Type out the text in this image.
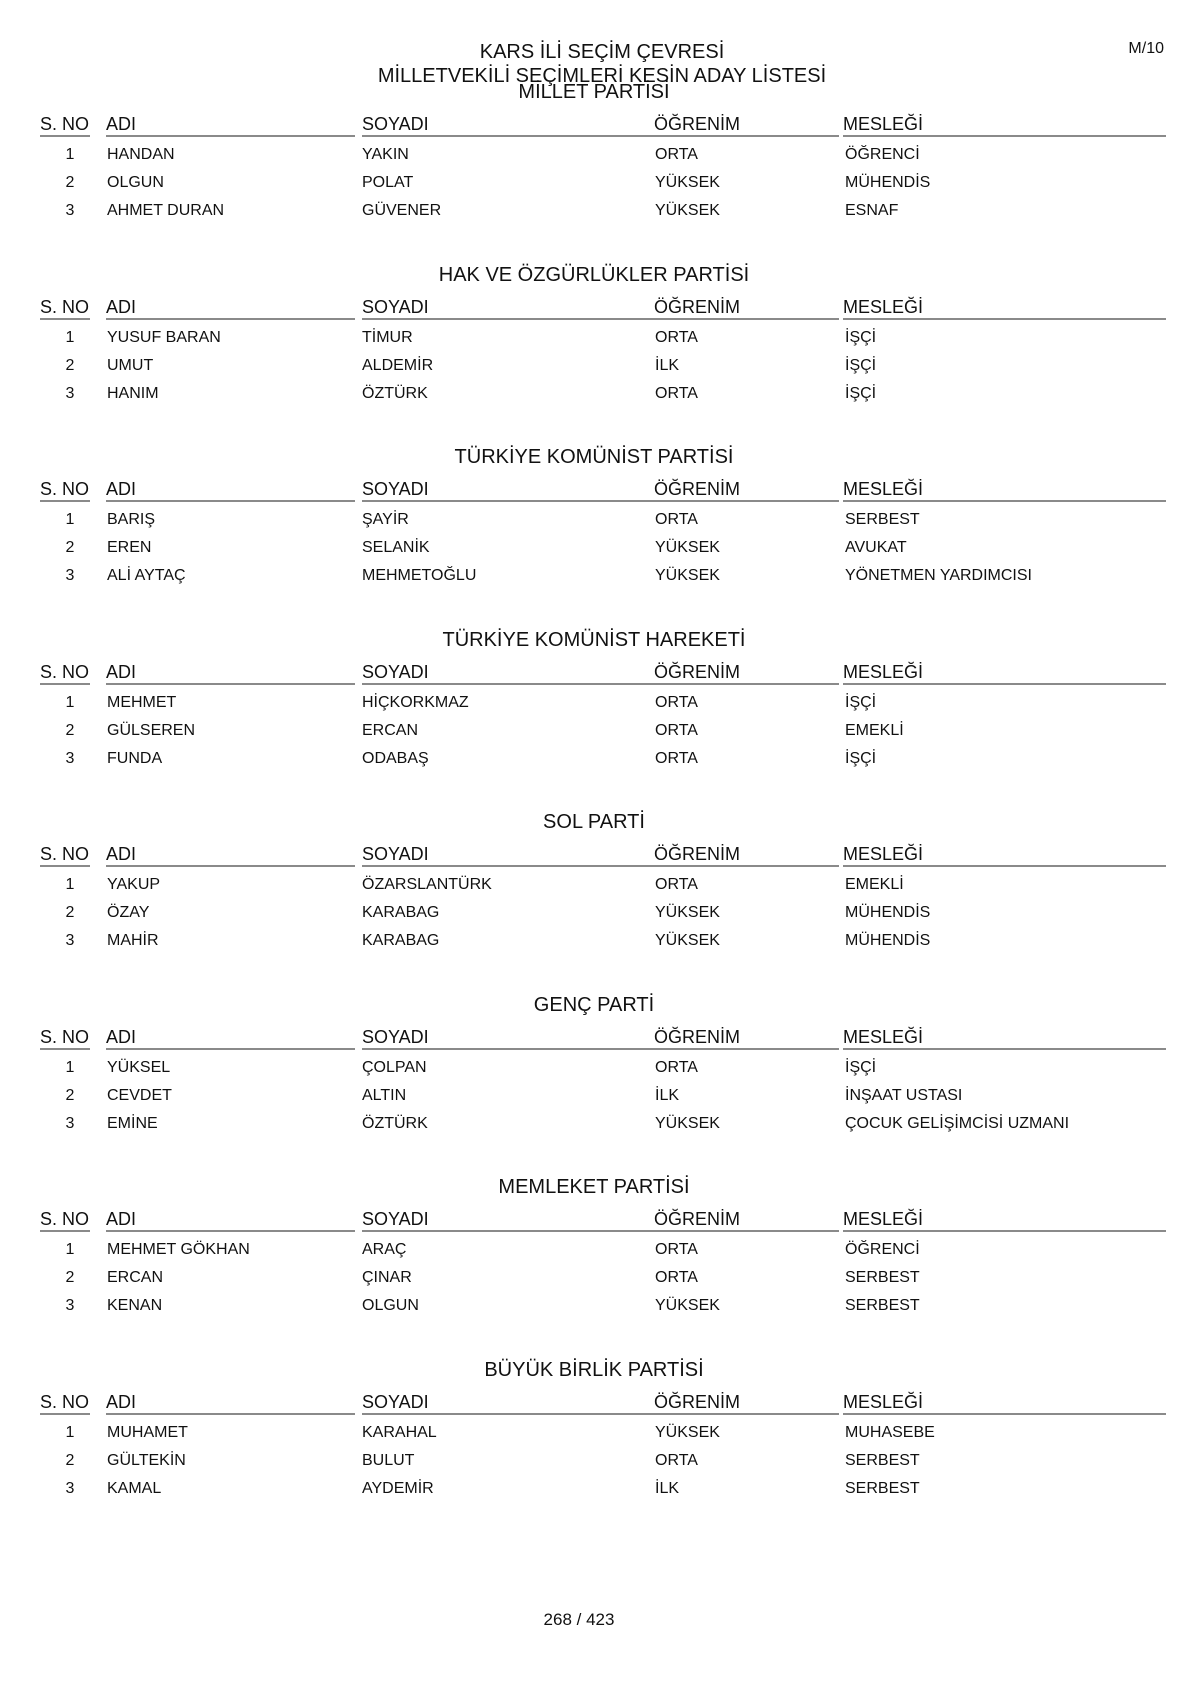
M/10
KARS İLİ SEÇİM ÇEVRESİ
MİLLETVEKİLİ SEÇİMLERİ KESİN ADAY LİSTESİ
MİLLET PARTİSİ
S. NO ADI	SOYADI	ÖĞRENİM	MESLEĞİ
1	HANDAN	YAKIN	ORTA	ÖĞRENCİ
2	OLGUN	POLAT	YÜKSEK	MÜHENDİS
3	AHMET DURAN	GÜVENER	YÜKSEK	ESNAF
HAK VE ÖZGÜRLÜKLER PARTİSİ
S. NO ADI	SOYADI	ÖĞRENİM	MESLEĞİ
1	YUSUF BARAN	TİMUR	ORTA	İŞÇİ
2	UMUT	ALDEMİR	İLK	İŞÇİ
3	HANIM	ÖZTÜRK	ORTA	İŞÇİ
TÜRKİYE KOMÜNİST PARTİSİ
S. NO ADI	SOYADI	ÖĞRENİM	MESLEĞİ
1	BARIŞ	ŞAYİR	ORTA	SERBEST
2	EREN	SELANİK	YÜKSEK	AVUKAT
3	ALİ AYTAÇ	MEHMETOĞLU	YÜKSEK	YÖNETMEN YARDIMCISI
TÜRKİYE KOMÜNİST HAREKETİ
S. NO ADI	SOYADI	ÖĞRENİM	MESLEĞİ
1	MEHMET	HİÇKORKMAZ	ORTA	İŞÇİ
2	GÜLSEREN	ERCAN	ORTA	EMEKLİ
3	FUNDA	ODABAŞ	ORTA	İŞÇİ
SOL PARTİ
S. NO ADI	SOYADI	ÖĞRENİM	MESLEĞİ
1	YAKUP	ÖZARSLANTÜRK	ORTA	EMEKLİ
2	ÖZAY	KARABAG	YÜKSEK	MÜHENDİS
3	MAHİR	KARABAG	YÜKSEK	MÜHENDİS
GENÇ PARTİ
S. NO ADI	SOYADI	ÖĞRENİM	MESLEĞİ
1	YÜKSEL	ÇOLPAN	ORTA	İŞÇİ
2	CEVDET	ALTIN	İLK	İNŞAAT USTASI
3	EMİNE	ÖZTÜRK	YÜKSEK	ÇOCUK GELİŞİMCİSİ UZMANI
MEMLEKET PARTİSİ
S. NO ADI	SOYADI	ÖĞRENİM	MESLEĞİ
1	MEHMET GÖKHAN	ARAÇ	ORTA	ÖĞRENCİ
2	ERCAN	ÇINAR	ORTA	SERBEST
3	KENAN	OLGUN	YÜKSEK	SERBEST
BÜYÜK BİRLİK PARTİSİ
S. NO ADI	SOYADI	ÖĞRENİM	MESLEĞİ
1	MUHAMET	KARAHAL	YÜKSEK	MUHASEBE
2	GÜLTEKİN	BULUT	ORTA	SERBEST
3	KAMAL	AYDEMİR	İLK	SERBEST
268 / 423
